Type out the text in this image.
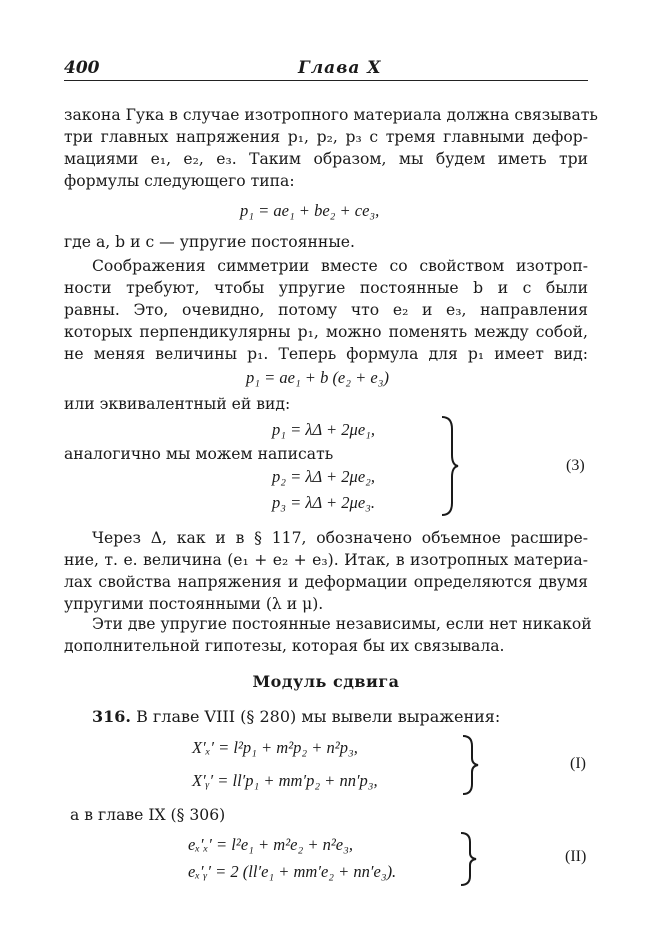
400	Глава X
закона Гука в случае изотропного материала должна связывать
три главных напряжения p₁, p₂, p₃ с тремя главными дефор-
мациями e₁, e₂, e₃. Таким образом, мы будем иметь три
формулы следующего типа:
p₁ = ae₁ + be₂ + ce₃,
где a, b и c — упругие постоянные.
Соображения симметрии вместе со свойством изотроп-
ности требуют, чтобы упругие постоянные b и c были
равны. Это, очевидно, потому что e₂ и e₃, направления
которых перпендикулярны p₁, можно поменять между собой,
не меняя величины p₁. Теперь формула для p₁ имеет вид:
p₁ = ae₁ + b (e₂ + e₃)
или эквивалентный ей вид:
p₁ = λΔ + 2μe₁,
аналогично мы можем написать
p₂ = λΔ + 2μe₂,
p₃ = λΔ + 2μe₃.
(3)
Через Δ, как и в § 117, обозначено объемное расшире-
ние, т. е. величина (e₁ + e₂ + e₃). Итак, в изотропных материа-
лах свойства напряжения и деформации определяются двумя
упругими постоянными (λ и μ).
Эти две упругие постоянные независимы, если нет никакой
дополнительной гипотезы, которая бы их связывала.
Модуль сдвига
316. В главе VIII (§ 280) мы вывели выражения:
X′ₓ′ = l²p₁ + m²p₂ + n²p₃,
X′ᵧ′ = ll′p₁ + mm′p₂ + nn′p₃,
(I)
а в главе IX (§ 306)
eₓ′ₓ′ = l²e₁ + m²e₂ + n²e₃,
eₓ′ᵧ′ = 2 (ll′e₁ + mm′e₂ + nn′e₃).
(II)
